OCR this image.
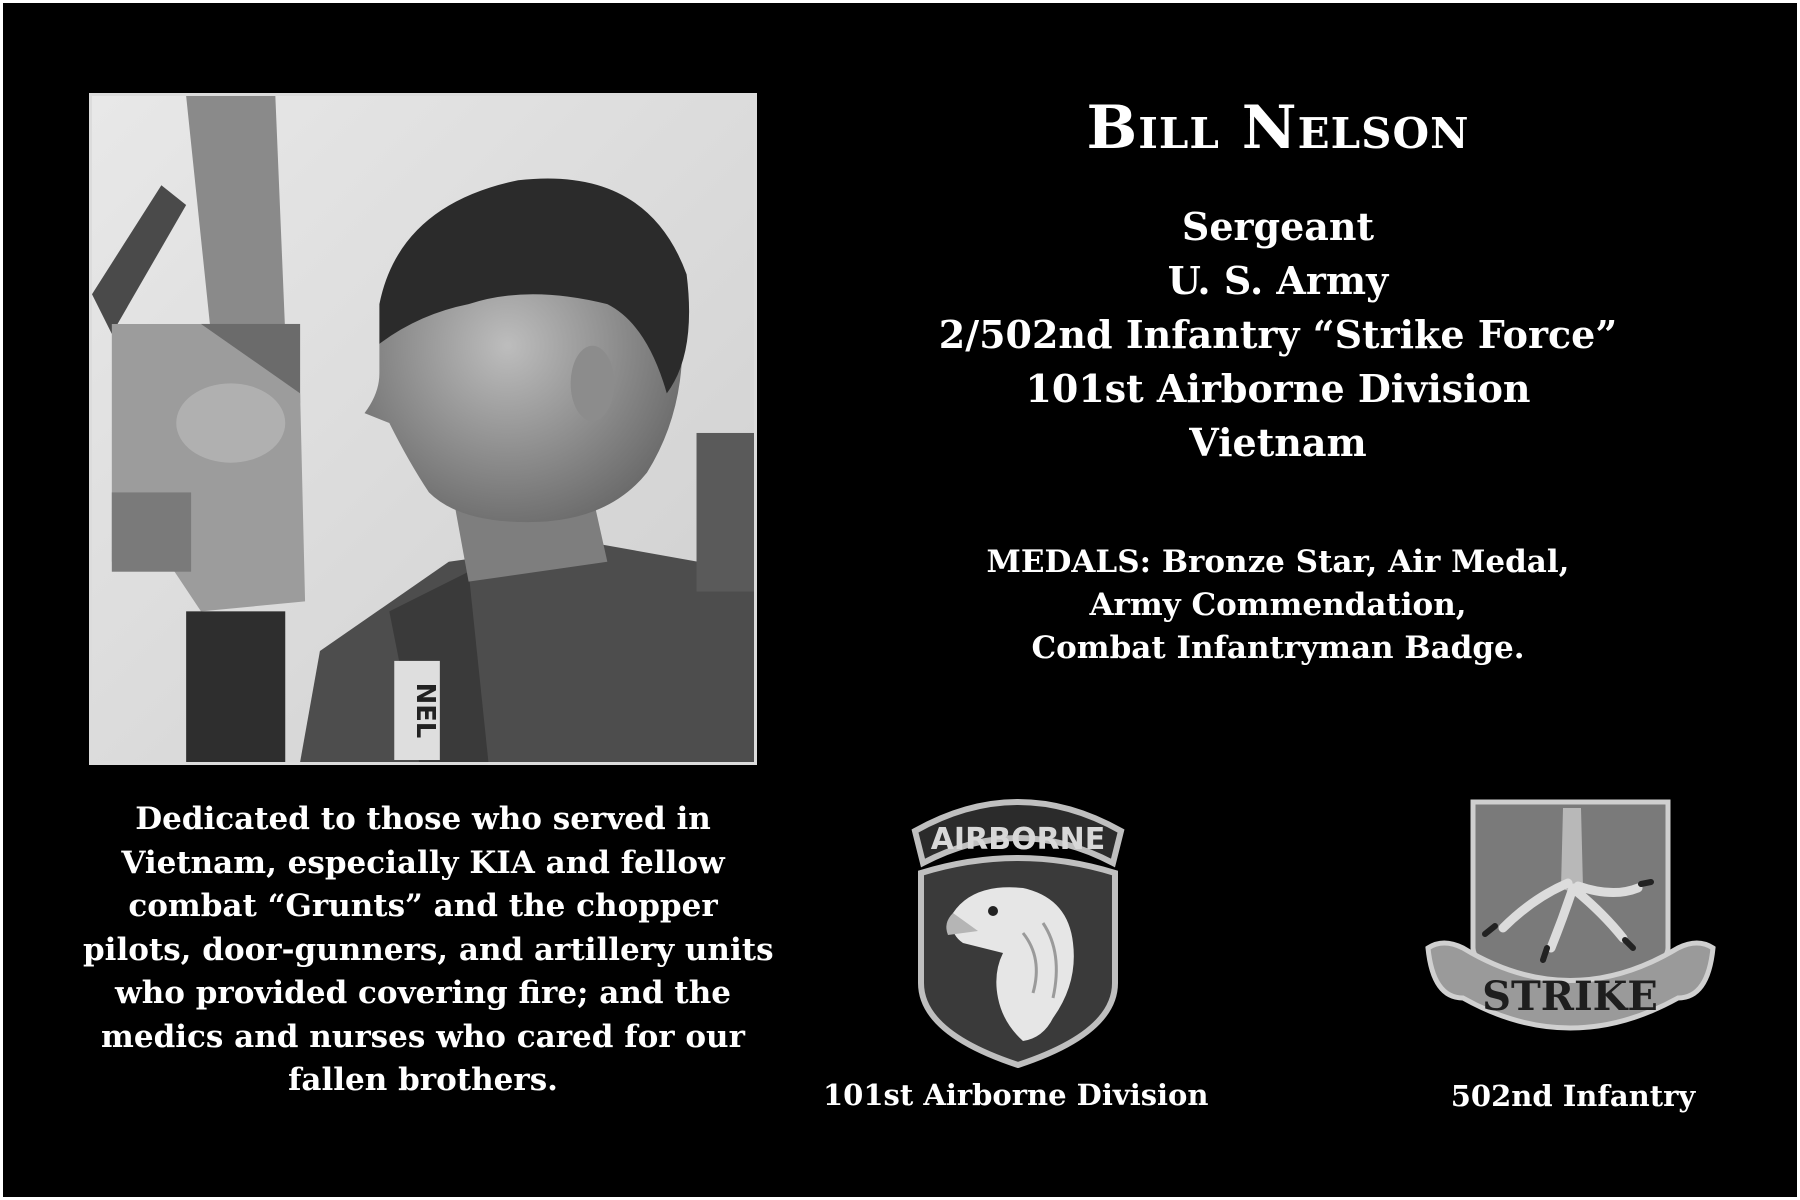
NEL
Bill Nelson
Sergeant
U. S. Army
2/502nd Infantry “Strike Force”
101st Airborne Division
Vietnam
MEDALS: Bronze Star, Air Medal,
Army Commendation,
Combat Infantryman Badge.
Dedicated to those who served in
Vietnam, especially KIA and fellow
combat “Grunts” and the chopper
pilots, door-gunners, and artillery units
who provided covering fire; and the
medics and nurses who cared for our
fallen brothers.
AIRBORNE
STRIKE
101st Airborne Division	502nd Infantry
